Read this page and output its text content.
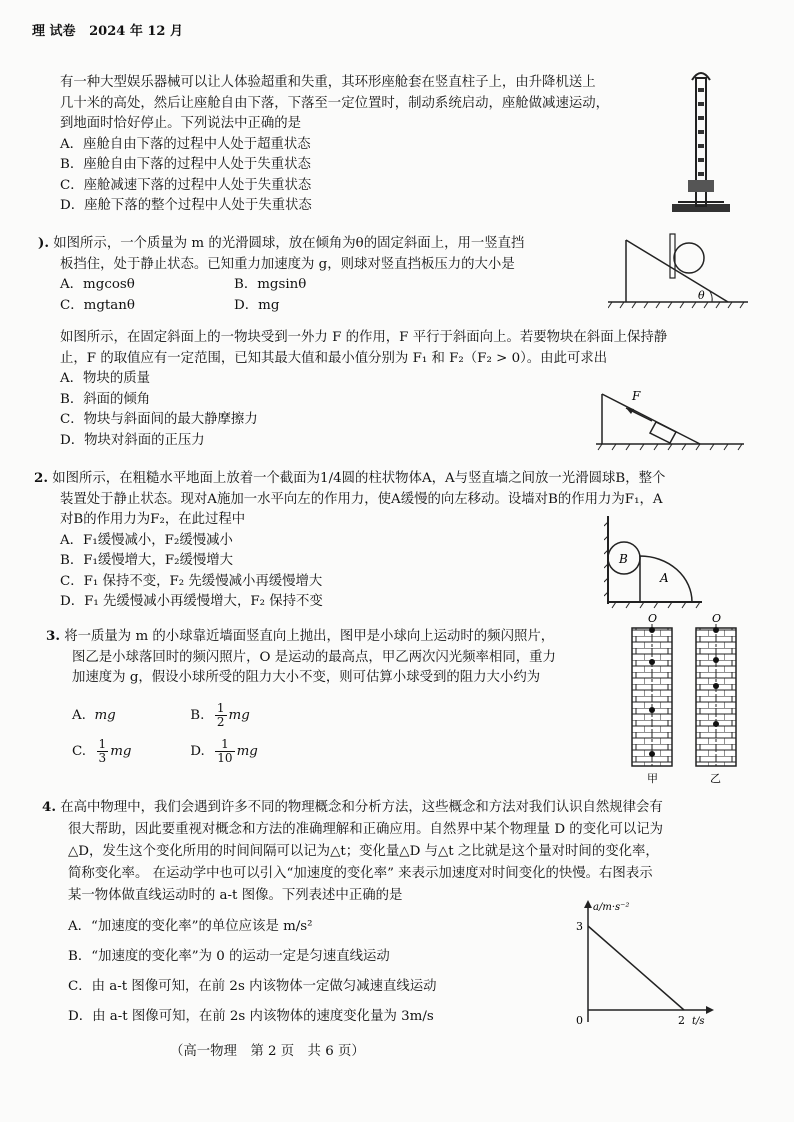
理 试卷 2024 年 12 月
有一种大型娱乐器械可以让人体验超重和失重，其环形座舱套在竖直柱子上，由升降机送上
几十米的高处，然后让座舱自由下落，下落至一定位置时，制动系统启动，座舱做减速运动，
到地面时恰好停止。下列说法中正确的是
A．座舱自由下落的过程中人处于超重状态
B．座舱自由下落的过程中人处于失重状态
C．座舱减速下落的过程中人处于失重状态
D．座舱下落的整个过程中人处于失重状态
). 如图所示，一个质量为 m 的光滑圆球，放在倾角为θ的固定斜面上，用一竖直挡
板挡住，处于静止状态。已知重力加速度为 g，则球对竖直挡板压力的大小是
A．mgcosθ	B．mgsinθ
C．mgtanθ	D．mg
θ
如图所示，在固定斜面上的一物块受到一外力 F 的作用，F 平行于斜面向上。若要物块在斜面上保持静
止，F 的取值应有一定范围，已知其最大值和最小值分别为 F₁ 和 F₂（F₂ > 0）。由此可求出
A．物块的质量
B．斜面的倾角
C．物块与斜面间的最大静摩擦力
D．物块对斜面的正压力
F
2. 如图所示，在粗糙水平地面上放着一个截面为1/4圆的柱状物体A，A与竖直墙之间放一光滑圆球B，整个
装置处于静止状态。现对A施加一水平向左的作用力，使A缓慢的向左移动。设墙对B的作用力为F₁，A
对B的作用力为F₂，在此过程中
A．F₁缓慢减小，F₂缓慢减小
B．F₁缓慢增大，F₂缓慢增大
C．F₁ 保持不变，F₂ 先缓慢减小再缓慢增大
D．F₁ 先缓慢减小再缓慢增大，F₂ 保持不变
B
A
3. 将一质量为 m 的小球靠近墙面竖直向上抛出，图甲是小球向上运动时的频闪照片，
图乙是小球落回时的频闪照片，O 是运动的最高点，甲乙两次闪光频率相同，重力
加速度为 g，假设小球所受的阻力大小不变，则可估算小球受到的阻力大小约为
A. mg	B. $\frac{1}{2}$ mg
C. $\frac{1}{3}$ mg	D. $\frac{1}{10}$ mg
O	O
甲	乙
4. 在高中物理中，我们会遇到许多不同的物理概念和分析方法，这些概念和方法对我们认识自然规律会有
很大帮助，因此要重视对概念和方法的准确理解和正确应用。自然界中某个物理量 D 的变化可以记为
△D，发生这个变化所用的时间间隔可以记为△t；变化量△D 与△t 之比就是这个量对时间的变化率，
简称变化率。 在运动学中也可以引入“加速度的变化率” 来表示加速度对时间变化的快慢。右图表示
某一物体做直线运动时的 a-t 图像。下列表述中正确的是
A．“加速度的变化率”的单位应该是 m/s²
B．“加速度的变化率”为 0 的运动一定是匀速直线运动
C．由 a-t 图像可知，在前 2s 内该物体一定做匀减速直线运动
D．由 a-t 图像可知，在前 2s 内该物体的速度变化量为 3m/s
a/m·s⁻²
3
0	2 t/s
（高一物理　第 2 页　共 6 页）
